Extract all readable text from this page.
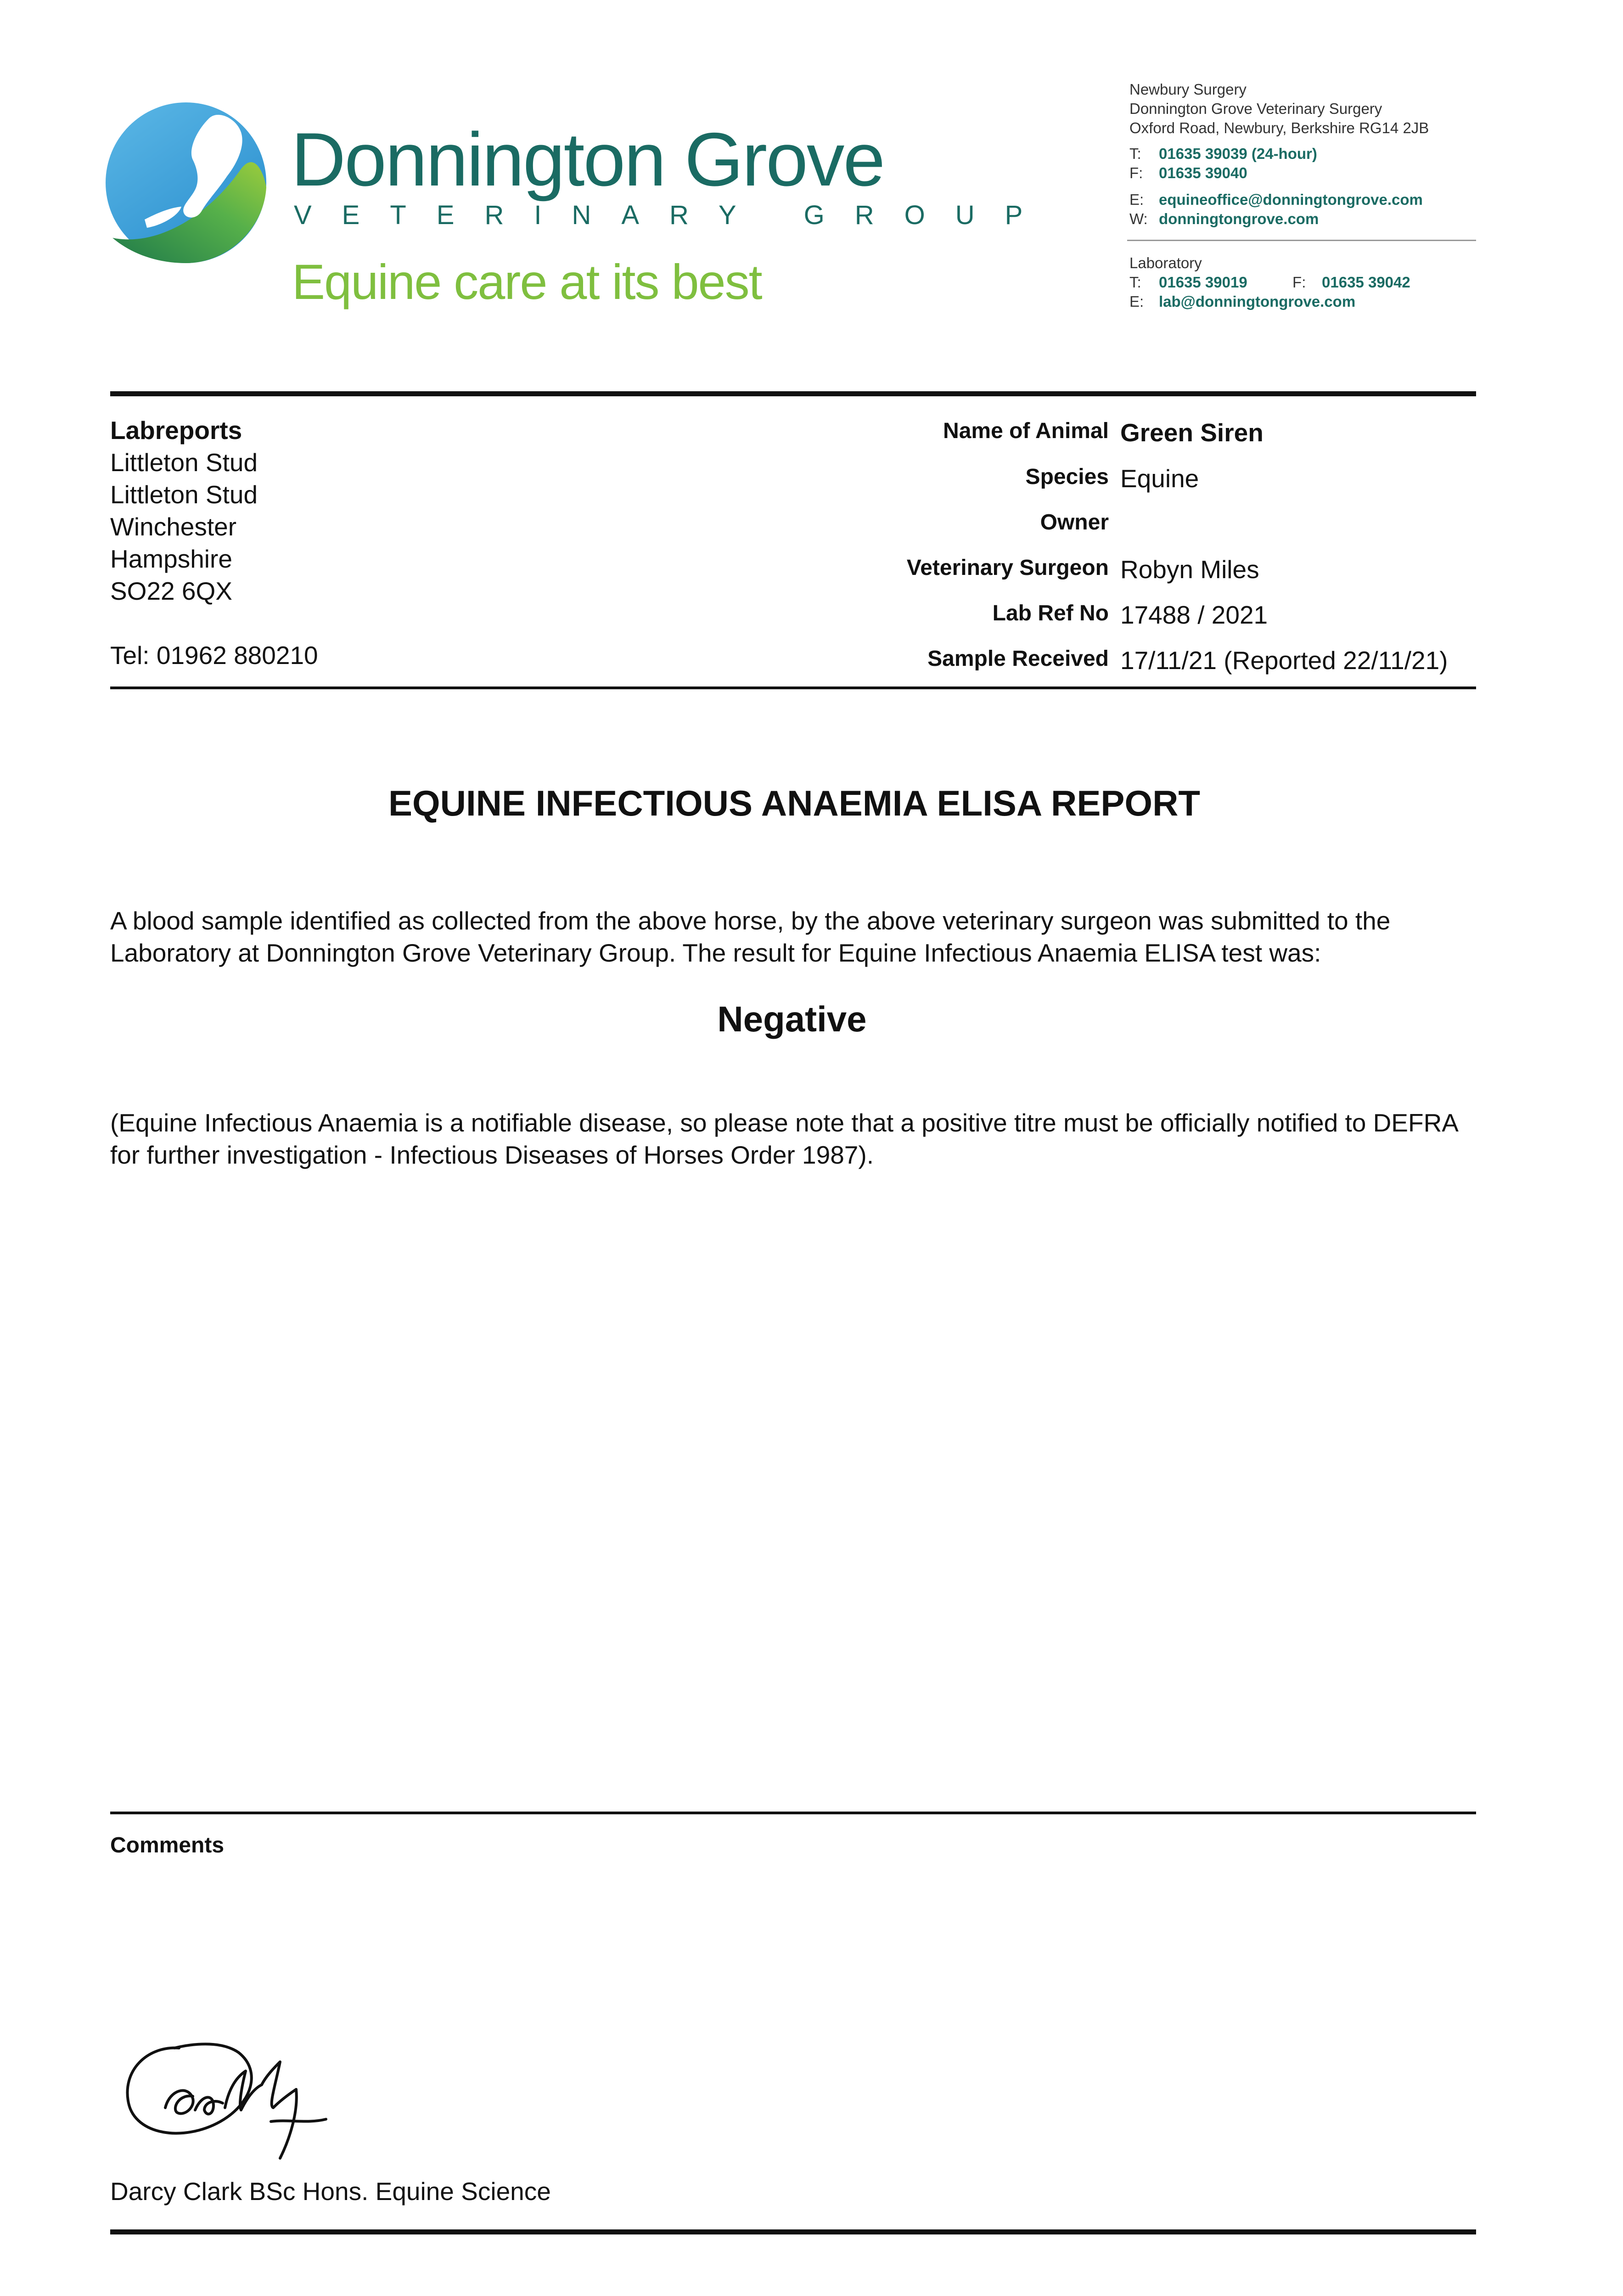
Donnington Grove
VETERINARY GROUP
Equine care at its best
Newbury Surgery
Donnington Grove Veterinary Surgery
Oxford Road, Newbury, Berkshire RG14 2JB
T: 01635 39039 (24-hour)
F: 01635 39040
E: equineoffice@donningtongrove.com
W: donningtongrove.com
Laboratory
T: 01635 39019	F: 01635 39042
E: lab@donningtongrove.com
Labreports
Littleton Stud
Littleton Stud
Winchester
Hampshire
SO22 6QX
Tel: 01962 880210
Name of Animal Green Siren
Species Equine
Owner
Veterinary Surgeon Robyn Miles
Lab Ref No 17488 / 2021
Sample Received 17/11/21 (Reported 22/11/21)
EQUINE INFECTIOUS ANAEMIA ELISA REPORT
A blood sample identified as collected from the above horse, by the above veterinary surgeon was submitted to the Laboratory at Donnington Grove Veterinary Group. The result for Equine Infectious Anaemia ELISA test was:
Negative
(Equine Infectious Anaemia is a notifiable disease, so please note that a positive titre must be officially notified to DEFRA for further investigation - Infectious Diseases of Horses Order 1987).
Comments
Darcy Clark BSc Hons. Equine Science
